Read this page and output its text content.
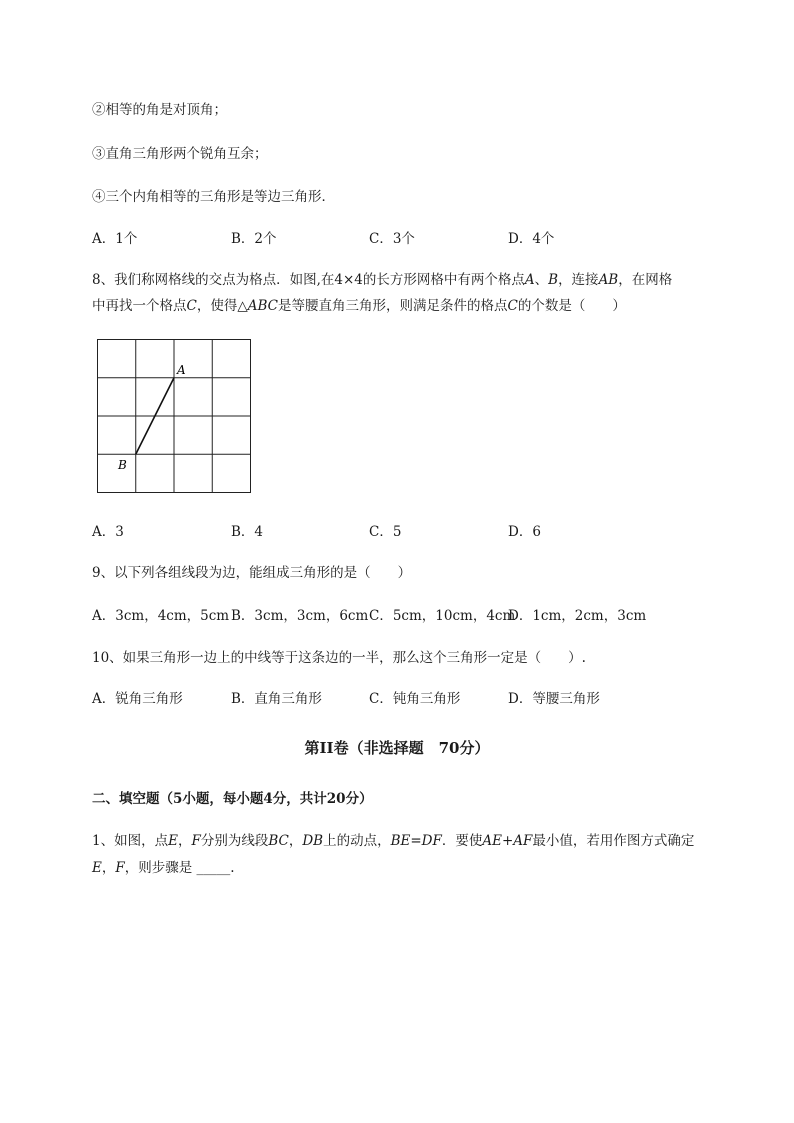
②相等的角是对顶角；
③直角三角形两个锐角互余；
④三个内角相等的三角形是等边三角形．
A．1个	B．2个	C．3个	D．4个
8、我们称网格线的交点为格点．如图,在4×4的长方形网格中有两个格点A、B，连接AB，在网格
中再找一个格点C，使得△ABC是等腰直角三角形，则满足条件的格点C的个数是（　　）
A
B
A．3	B．4	C．5	D．6
9、以下列各组线段为边，能组成三角形的是（　　）
A．3cm，4cm，5cm B．3cm，3cm，6cm C．5cm，10cm，4cm
D．1cm，2cm，3cm
10、如果三角形一边上的中线等于这条边的一半，那么这个三角形一定是（　　）.
A．锐角三角形	B．直角三角形	C．钝角三角形	D．等腰三角形
第II卷（非选择题　70分）
二、填空题（5小题，每小题4分，共计20分）
1、如图，点E，F分别为线段BC，DB上的动点，BE=DF．要使AE+AF最小值，若用作图方式确定
E，F，则步骤是 _____.
